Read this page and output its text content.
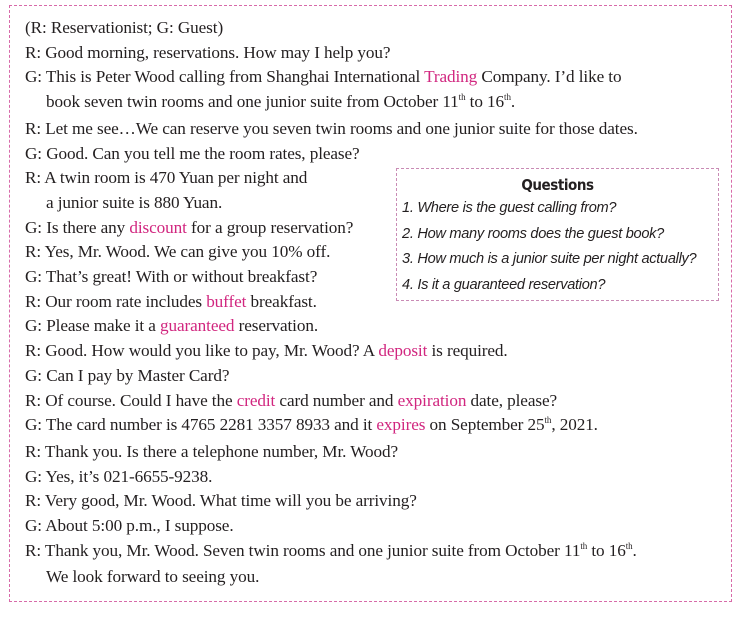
(R: Reservationist; G: Guest)
R: Good morning, reservations. How may I help you?
G: This is Peter Wood calling from Shanghai International Trading Company. I’d like to
book seven twin rooms and one junior suite from October 11th to 16th.
R: Let me see…We can reserve you seven twin rooms and one junior suite for those dates.
G: Good. Can you tell me the room rates, please?
R: A twin room is 470 Yuan per night and
a junior suite is 880 Yuan.
G: Is there any discount for a group reservation?
R: Yes, Mr. Wood. We can give you 10% off.
G: That’s great! With or without breakfast?
R: Our room rate includes buffet breakfast.
G: Please make it a guaranteed reservation.
R: Good. How would you like to pay, Mr. Wood? A deposit is required.
G: Can I pay by Master Card?
R: Of course. Could I have the credit card number and expiration date, please?
G: The card number is 4765 2281 3357 8933 and it expires on September 25th, 2021.
R: Thank you. Is there a telephone number, Mr. Wood?
G: Yes, it’s 021-6655-9238.
R: Very good, Mr. Wood. What time will you be arriving?
G: About 5:00 p.m., I suppose.
R: Thank you, Mr. Wood. Seven twin rooms and one junior suite from October 11th to 16th.
We look forward to seeing you.
Questions
1. Where is the guest calling from?
2. How many rooms does the guest book?
3. How much is a junior suite per night actually?
4. Is it a guaranteed reservation?
